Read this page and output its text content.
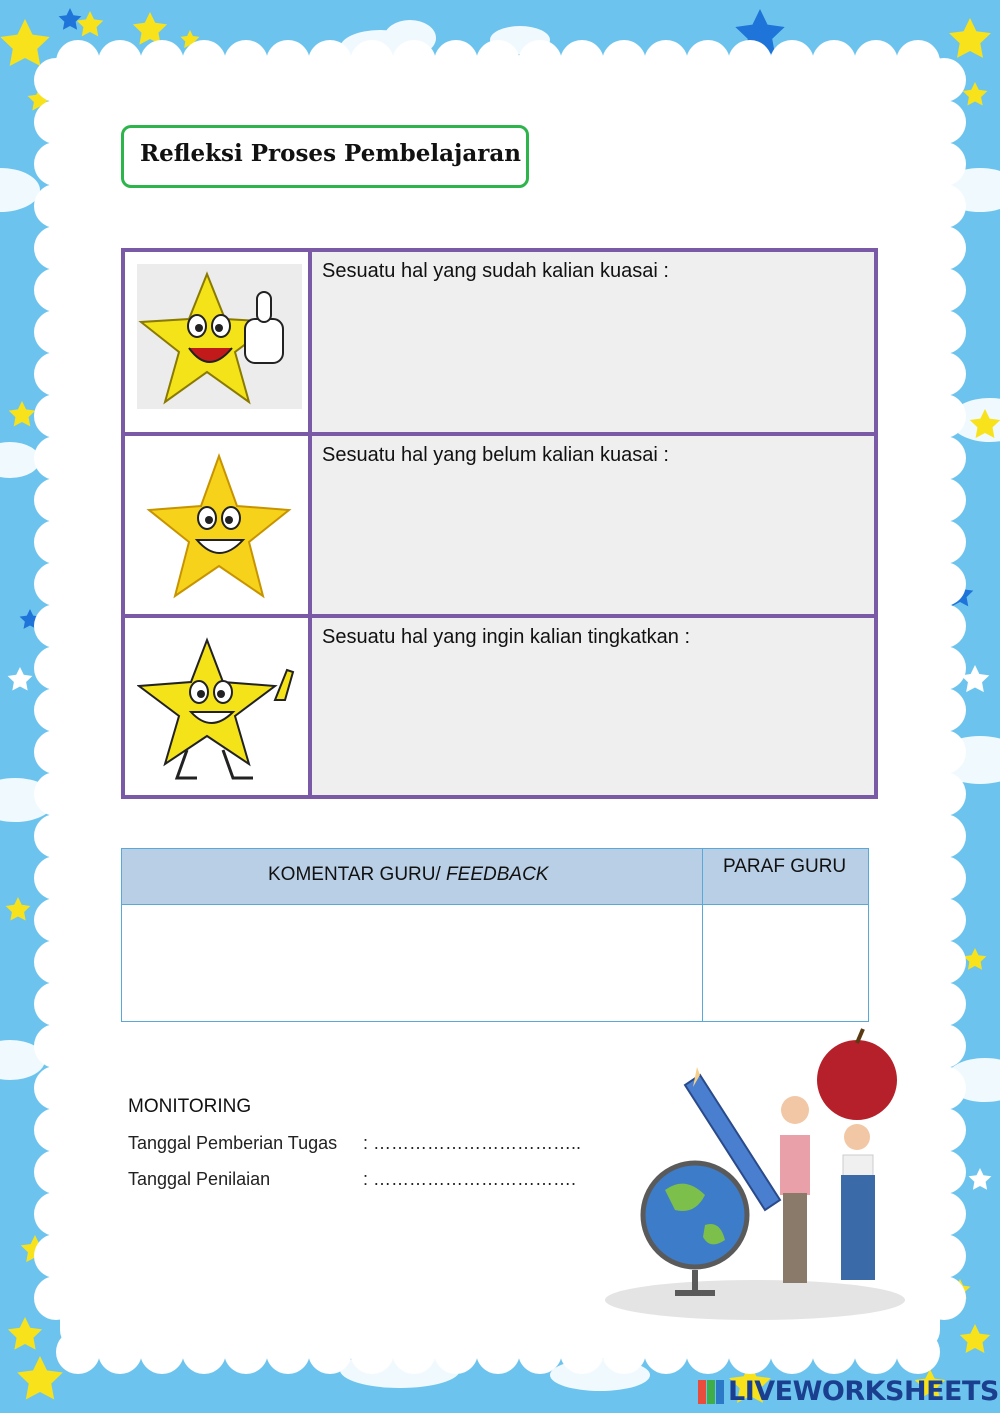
Refleksi Proses Pembelajaran
Sesuatu hal yang sudah kalian kuasai :
Sesuatu hal yang belum kalian kuasai :
Sesuatu hal yang ingin kalian tingkatkan :
KOMENTAR GURU/ FEEDBACK	PARAF GURU
MONITORING
Tanggal Pemberian Tugas : ……………………………..
Tanggal Penilaian	: …………………………….
LIVEWORKSHEETS
